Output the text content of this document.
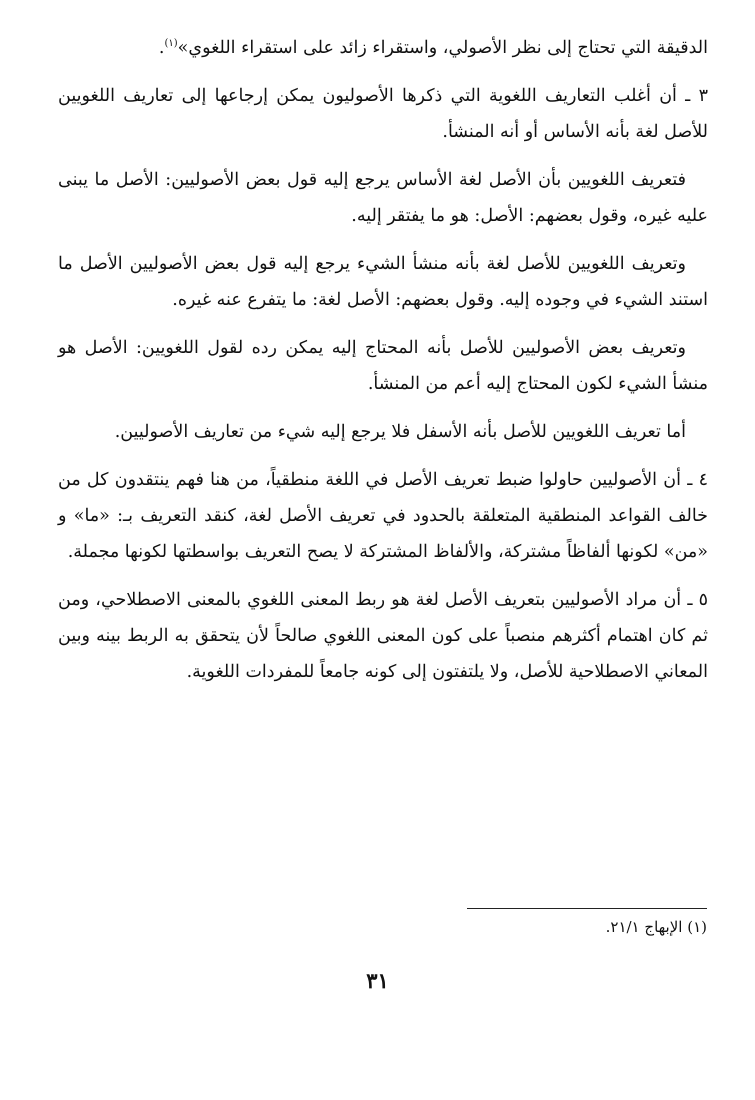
الدقيقة التي تحتاج إلى نظر الأصولي، واستقراء زائد على استقراء اللغوي»$^{(١)}$.

٣ ـ أن أغلب التعاريف اللغوية التي ذكرها الأصوليون يمكن إرجاعها إلى تعاريف اللغويين للأصل لغة بأنه الأساس أو أنه المنشأ.

فتعريف اللغويين بأن الأصل لغة الأساس يرجع إليه قول بعض الأصوليين: الأصل ما يبنى عليه غيره، وقول بعضهم: الأصل: هو ما يفتقر إليه.

وتعريف اللغويين للأصل لغة بأنه منشأ الشيء يرجع إليه قول بعض الأصوليين الأصل ما استند الشيء في وجوده إليه. وقول بعضهم: الأصل لغة: ما يتفرع عنه غيره.

وتعريف بعض الأصوليين للأصل بأنه المحتاج إليه يمكن رده لقول اللغويين: الأصل هو منشأ الشيء لكون المحتاج إليه أعم من المنشأ.

أما تعريف اللغويين للأصل بأنه الأسفل فلا يرجع إليه شيء من تعاريف الأصوليين.

٤ ـ أن الأصوليين حاولوا ضبط تعريف الأصل في اللغة منطقياً، من هنا فهم ينتقدون كل من خالف القواعد المنطقية المتعلقة بالحدود في تعريف الأصل لغة، كنقد التعريف بـ: «ما» و «من» لكونها ألفاظاً مشتركة، والألفاظ المشتركة لا يصح التعريف بواسطتها لكونها مجملة.

٥ ـ أن مراد الأصوليين بتعريف الأصل لغة هو ربط المعنى اللغوي بالمعنى الاصطلاحي، ومن ثم كان اهتمام أكثرهم منصباً على كون المعنى اللغوي صالحاً لأن يتحقق به الربط بينه وبين المعاني الاصطلاحية للأصل، ولا يلتفتون إلى كونه جامعاً للمفردات اللغوية.

(١) الإبهاج ٢١/١.
٣١
